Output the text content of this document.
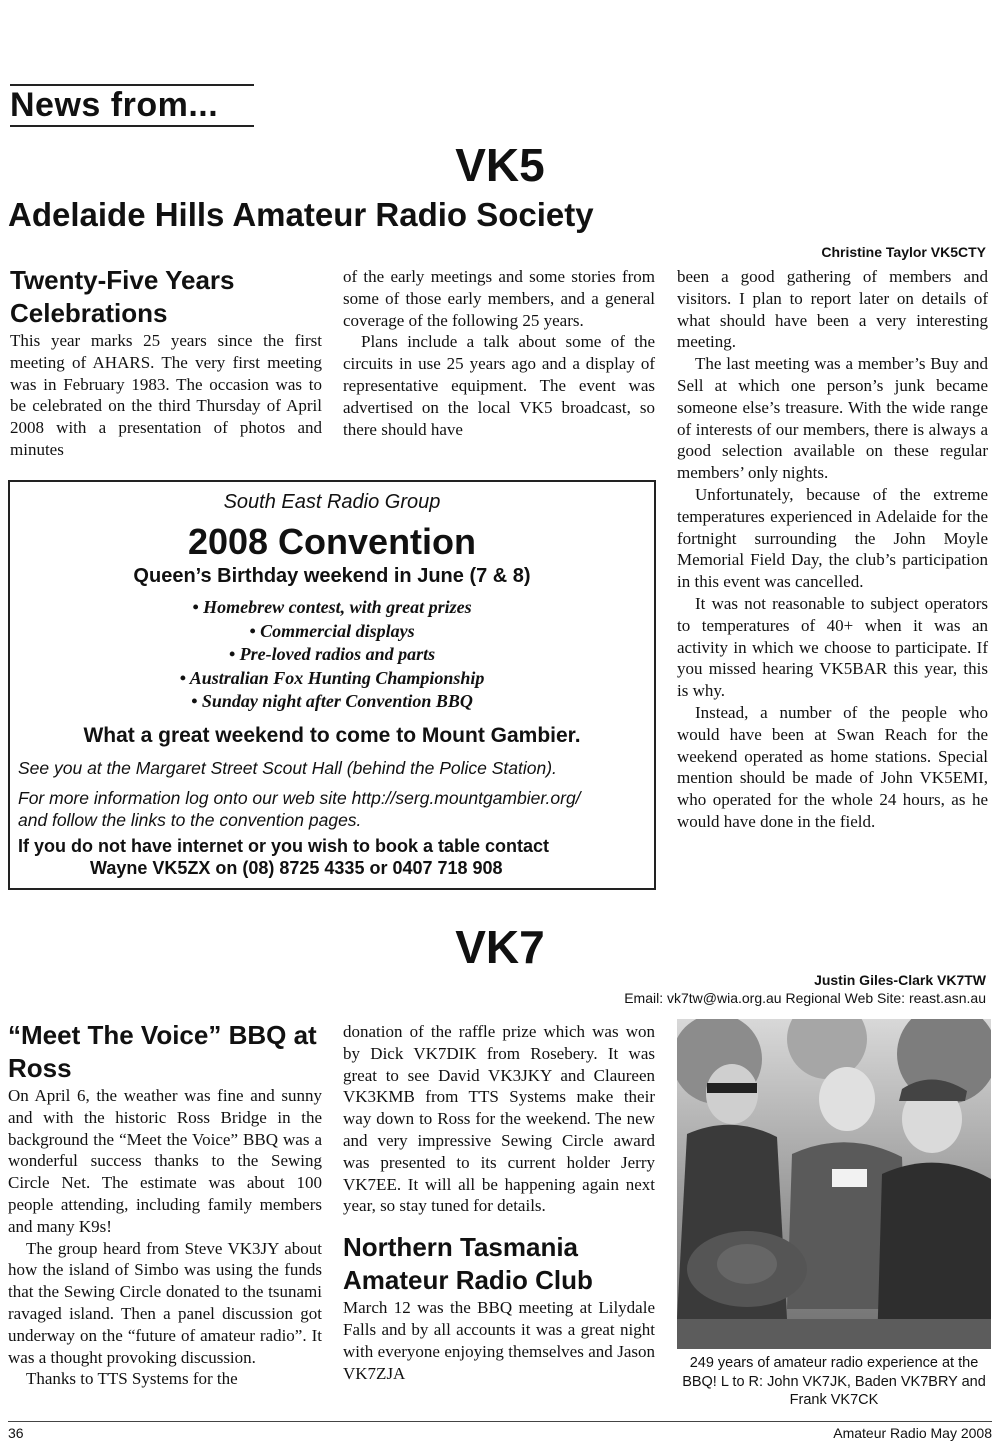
News from...
VK5
Adelaide Hills Amateur Radio Society
Christine Taylor VK5CTY
Twenty-Five Years Celebrations

This year marks 25 years since the first meeting of AHARS. The very first meeting was in February 1983. The occasion was to be celebrated on the third Thursday of April 2008 with a presentation of photos and minutes

of the early meetings and some stories from some of those early members, and a general coverage of the following 25 years.

Plans include a talk about some of the circuits in use 25 years ago and a display of representative equipment. The event was advertised on the local VK5 broadcast, so there should have

been a good gathering of members and visitors. I plan to report later on details of what should have been a very interesting meeting.

The last meeting was a member’s Buy and Sell at which one person’s junk became someone else’s treasure. With the wide range of interests of our members, there is always a good selection available on these regular members’ only nights.

Unfortunately, because of the extreme temperatures experienced in Adelaide for the fortnight surrounding the John Moyle Memorial Field Day, the club’s participation in this event was cancelled.

It was not reasonable to subject operators to temperatures of 40+ when it was an activity in which we choose to participate. If you missed hearing VK5BAR this year, this is why.

Instead, a number of the people who would have been at Swan Reach for the weekend operated as home stations. Special mention should be made of John VK5EMI, who operated for the whole 24 hours, as he would have done in the field.

South East Radio Group
2008 Convention
Queen’s Birthday weekend in June (7 & 8)
• Homebrew contest, with great prizes
• Commercial displays
• Pre-loved radios and parts
• Australian Fox Hunting Championship
• Sunday night after Convention BBQ
What a great weekend to come to Mount Gambier.
See you at the Margaret Street Scout Hall (behind the Police Station).
For more information log onto our web site http://serg.mountgambier.org/
and follow the links to the convention pages.
If you do not have internet or you wish to book a table contact
Wayne VK5ZX on (08) 8725 4335 or 0407 718 908
VK7
Justin Giles-Clark VK7TW
Email: vk7tw@wia.org.au Regional Web Site: reast.asn.au
“Meet The Voice” BBQ at Ross

On April 6, the weather was fine and sunny and with the historic Ross Bridge in the background the “Meet the Voice” BBQ was a wonderful success thanks to the Sewing Circle Net. The estimate was about 100 people attending, including family members and many K9s!

The group heard from Steve VK3JY about how the island of Simbo was using the funds that the Sewing Circle donated to the tsunami ravaged island. Then a panel discussion got underway on the “future of amateur radio”. It was a thought provoking discussion.

Thanks to TTS Systems for the

donation of the raffle prize which was won by Dick VK7DIK from Rosebery. It was great to see David VK3JKY and Claureen VK3KMB from TTS Systems make their way down to Ross for the weekend. The new and very impressive Sewing Circle award was presented to its current holder Jerry VK7EE. It will all be happening again next year, so stay tuned for details.

Northern Tasmania Amateur Radio Club

March 12 was the BBQ meeting at Lilydale Falls and by all accounts it was a great night with everyone enjoying themselves and Jason VK7ZJA

249 years of amateur radio experience at the BBQ! L to R: John VK7JK, Baden VK7BRY and Frank VK7CK
36	Amateur Radio May 2008
